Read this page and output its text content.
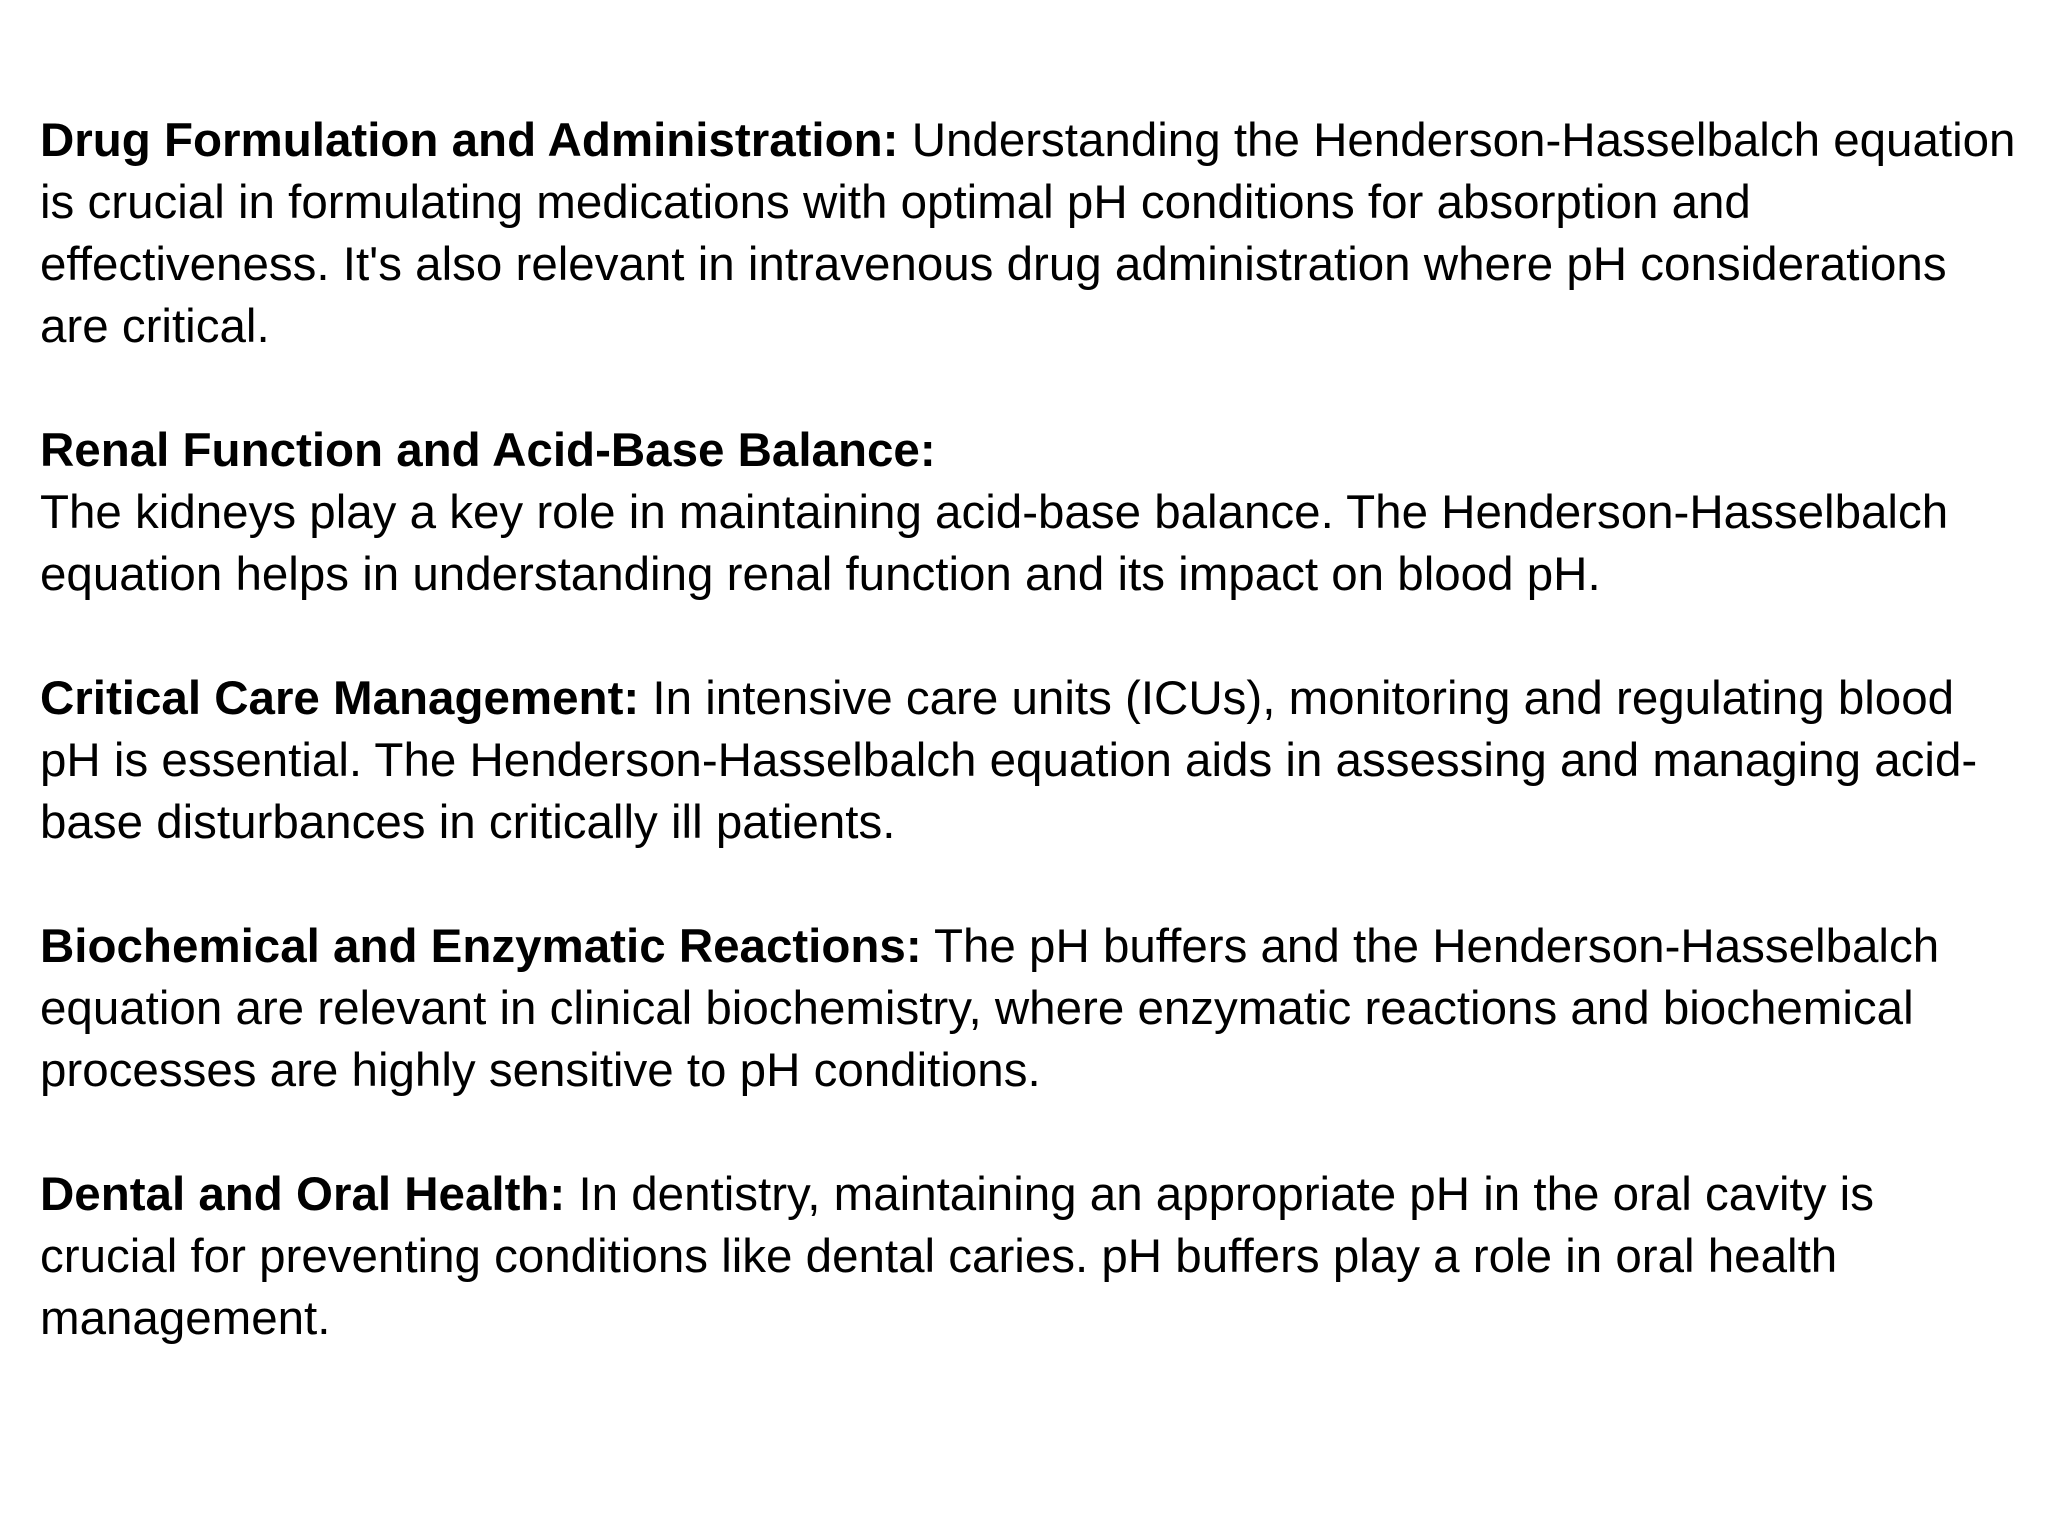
Drug Formulation and Administration: Understanding the Henderson-Hasselbalch equation is crucial in formulating medications with optimal pH conditions for absorption and effectiveness. It's also relevant in intravenous drug administration where pH considerations are critical.

Renal Function and Acid-Base Balance:
The kidneys play a key role in maintaining acid-base balance. The Henderson-Hasselbalch equation helps in understanding renal function and its impact on blood pH.

Critical Care Management: In intensive care units (ICUs), monitoring and regulating blood pH is essential. The Henderson-Hasselbalch equation aids in assessing and managing acid-base disturbances in critically ill patients.

Biochemical and Enzymatic Reactions: The pH buffers and the Henderson-Hasselbalch equation are relevant in clinical biochemistry, where enzymatic reactions and biochemical processes are highly sensitive to pH conditions.

Dental and Oral Health: In dentistry, maintaining an appropriate pH in the oral cavity is crucial for preventing conditions like dental caries. pH buffers play a role in oral health management.
